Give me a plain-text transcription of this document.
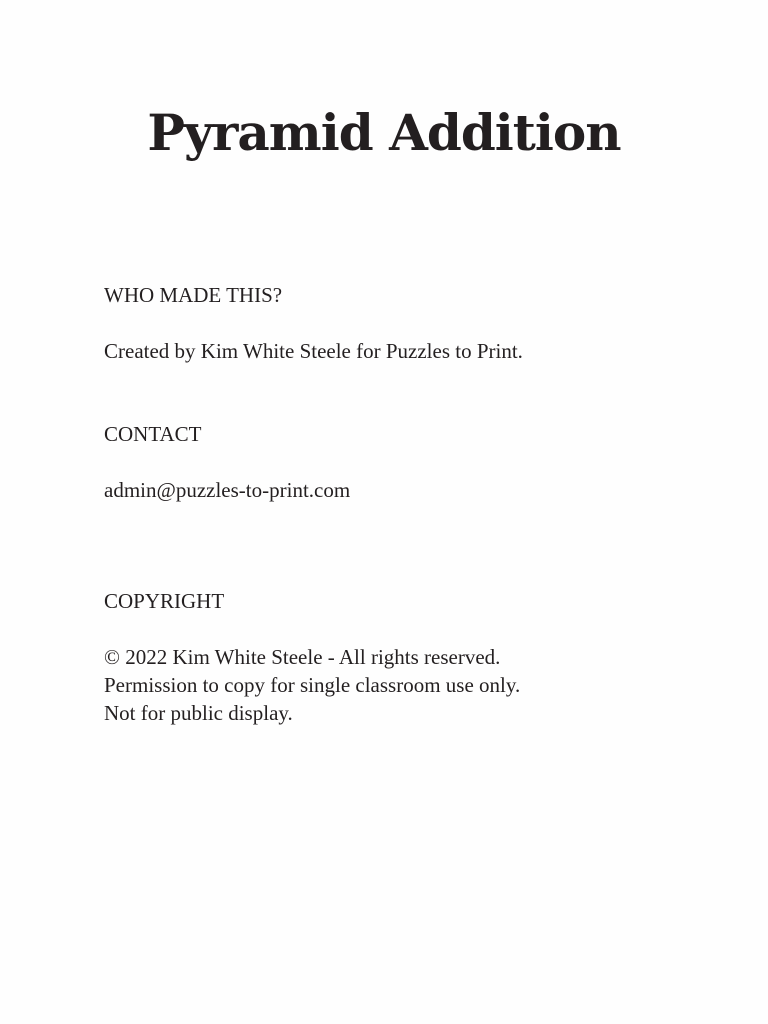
Pyramid Addition
WHO MADE THIS?
Created by Kim White Steele for Puzzles to Print.
CONTACT
admin@puzzles-to-print.com
COPYRIGHT
© 2022 Kim White Steele - All rights reserved.
Permission to copy for single classroom use only.
Not for public display.
